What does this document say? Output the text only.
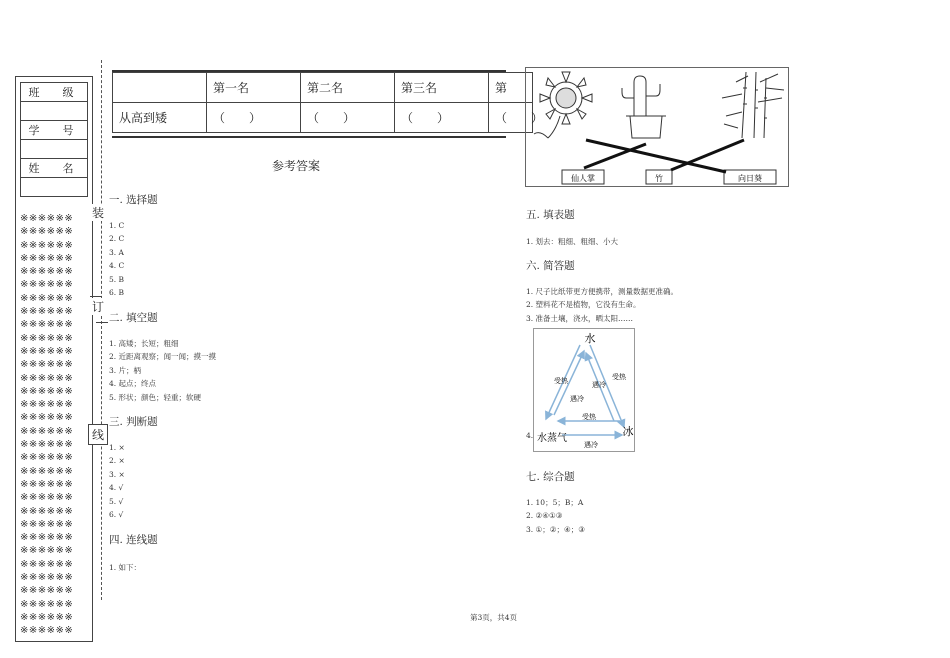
班　级

学　号

姓　名

※※※※※※
※※※※※※
※※※※※※
※※※※※※
※※※※※※
※※※※※※
※※※※※※
※※※※※※
※※※※※※
※※※※※※
※※※※※※
※※※※※※
※※※※※※
※※※※※※
※※※※※※
※※※※※※
※※※※※※
※※※※※※
※※※※※※
※※※※※※
※※※※※※
※※※※※※
※※※※※※
※※※※※※
※※※※※※
※※※※※※
※※※※※※
※※※※※※
※※※※※※
※※※※※※
※※※※※※
※※※※※※
装
订
线
	第一名	第二名	第三名	第
从高到矮	（　　）	（　　）	（　　）	（　　）
参考答案
一. 选择题
1. C
2. C
3. A
4. C
5. B
6. B
二. 填空题
1. 高矮；长短；粗细
2. 近距离观察；闻一闻；摸一摸
3. 片；柄
4. 起点；终点
5. 形状；颜色；轻重；软硬
三. 判断题
1. ×
2. ×
3. ×
4. √
5. √
6. √
四. 连线题
1. 如下：
仙人掌	竹	向日葵
五. 填表题
1. 划去：粗细、粗细、小大
六. 简答题
1. 尺子比纸带更方便携带，测量数据更准确。
2. 塑料花不是植物，它没有生命。
3. 准备土壤，浇水，晒太阳……
4.
水
水蒸气
冰
受热
遇冷
受热
遇冷
受热
遇冷
七. 综合题
1. 10；5；B；A
2. ②④①③
3. ①；②；④；③
第3页，共4页
